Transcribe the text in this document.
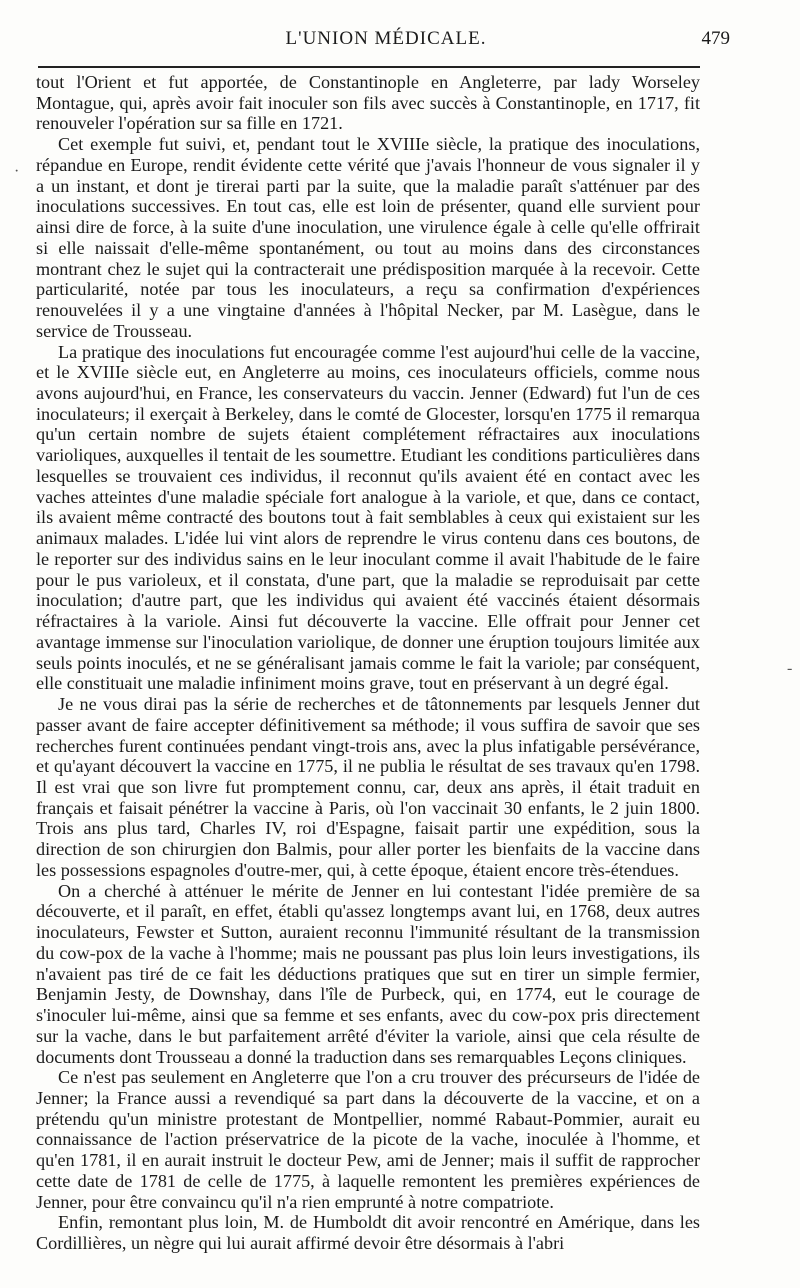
L'UNION MÉDICALE.	479
·
-

tout l'Orient et fut apportée, de Constantinople en Angleterre, par lady Worseley Montague, qui, après avoir fait inoculer son fils avec succès à Constantinople, en 1717, fit renouveler l'opération sur sa fille en 1721.

Cet exemple fut suivi, et, pendant tout le XVIIIe siècle, la pratique des inoculations, répandue en Europe, rendit évidente cette vérité que j'avais l'honneur de vous signaler il y a un instant, et dont je tirerai parti par la suite, que la maladie paraît s'atténuer par des inoculations successives. En tout cas, elle est loin de présenter, quand elle survient pour ainsi dire de force, à la suite d'une inoculation, une virulence égale à celle qu'elle offrirait si elle naissait d'elle-même spontanément, ou tout au moins dans des circonstances montrant chez le sujet qui la contracterait une prédisposition marquée à la recevoir. Cette particularité, notée par tous les inoculateurs, a reçu sa confirmation d'expériences renouvelées il y a une vingtaine d'années à l'hôpital Necker, par M. Lasègue, dans le service de Trousseau.

La pratique des inoculations fut encouragée comme l'est aujourd'hui celle de la vaccine, et le XVIIIe siècle eut, en Angleterre au moins, ces inoculateurs officiels, comme nous avons aujourd'hui, en France, les conservateurs du vaccin. Jenner (Edward) fut l'un de ces inoculateurs; il exerçait à Berkeley, dans le comté de Glocester, lorsqu'en 1775 il remarqua qu'un certain nombre de sujets étaient complétement réfractaires aux inoculations varioliques, auxquelles il tentait de les soumettre. Etudiant les conditions particulières dans lesquelles se trouvaient ces individus, il reconnut qu'ils avaient été en contact avec les vaches atteintes d'une maladie spéciale fort analogue à la variole, et que, dans ce contact, ils avaient même contracté des boutons tout à fait semblables à ceux qui existaient sur les animaux malades. L'idée lui vint alors de reprendre le virus contenu dans ces boutons, de le reporter sur des individus sains en le leur inoculant comme il avait l'habitude de le faire pour le pus varioleux, et il constata, d'une part, que la maladie se reproduisait par cette inoculation; d'autre part, que les individus qui avaient été vaccinés étaient désormais réfractaires à la variole. Ainsi fut découverte la vaccine. Elle offrait pour Jenner cet avantage immense sur l'inoculation variolique, de donner une éruption toujours limitée aux seuls points inoculés, et ne se généralisant jamais comme le fait la variole; par conséquent, elle constituait une maladie infiniment moins grave, tout en préservant à un degré égal.

Je ne vous dirai pas la série de recherches et de tâtonnements par lesquels Jenner dut passer avant de faire accepter définitivement sa méthode; il vous suffira de savoir que ses recherches furent continuées pendant vingt-trois ans, avec la plus infatigable persévérance, et qu'ayant découvert la vaccine en 1775, il ne publia le résultat de ses travaux qu'en 1798. Il est vrai que son livre fut promptement connu, car, deux ans après, il était traduit en français et faisait pénétrer la vaccine à Paris, où l'on vaccinait 30 enfants, le 2 juin 1800. Trois ans plus tard, Charles IV, roi d'Espagne, faisait partir une expédition, sous la direction de son chirurgien don Balmis, pour aller porter les bienfaits de la vaccine dans les possessions espagnoles d'outre-mer, qui, à cette époque, étaient encore très-étendues.

On a cherché à atténuer le mérite de Jenner en lui contestant l'idée première de sa découverte, et il paraît, en effet, établi qu'assez longtemps avant lui, en 1768, deux autres inoculateurs, Fewster et Sutton, auraient reconnu l'immunité résultant de la transmission du cow-pox de la vache à l'homme; mais ne poussant pas plus loin leurs investigations, ils n'avaient pas tiré de ce fait les déductions pratiques que sut en tirer un simple fermier, Benjamin Jesty, de Downshay, dans l'île de Purbeck, qui, en 1774, eut le courage de s'inoculer lui-même, ainsi que sa femme et ses enfants, avec du cow-pox pris directement sur la vache, dans le but parfaitement arrêté d'éviter la variole, ainsi que cela résulte de documents dont Trousseau a donné la traduction dans ses remarquables Leçons cliniques.

Ce n'est pas seulement en Angleterre que l'on a cru trouver des précurseurs de l'idée de Jenner; la France aussi a revendiqué sa part dans la découverte de la vaccine, et on a prétendu qu'un ministre protestant de Montpellier, nommé Rabaut-Pommier, aurait eu connaissance de l'action préservatrice de la picote de la vache, inoculée à l'homme, et qu'en 1781, il en aurait instruit le docteur Pew, ami de Jenner; mais il suffit de rapprocher cette date de 1781 de celle de 1775, à laquelle remontent les premières expériences de Jenner, pour être convaincu qu'il n'a rien emprunté à notre compatriote.

Enfin, remontant plus loin, M. de Humboldt dit avoir rencontré en Amérique, dans les Cordillières, un nègre qui lui aurait affirmé devoir être désormais à l'abri
